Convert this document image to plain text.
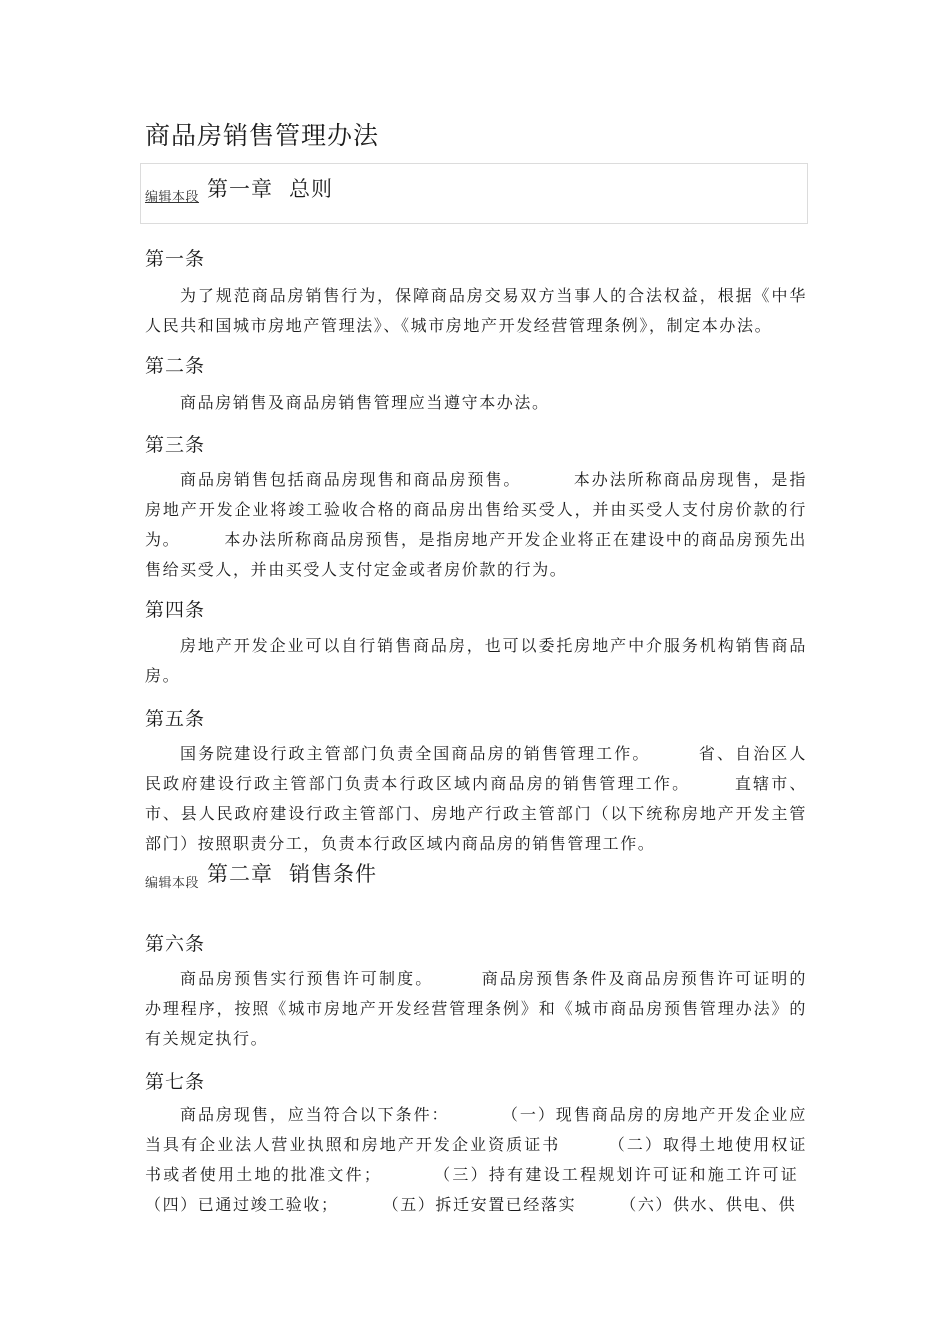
商品房销售管理办法
编辑本段 第一章 总则
第一条

为了规范商品房销售行为，保障商品房交易双方当事人的合法权益，根据《中华人民共和国城市房地产管理法》、《城市房地产开发经营管理条例》，制定本办法。

第二条

商品房销售及商品房销售管理应当遵守本办法。

第三条

商品房销售包括商品房现售和商品房预售。	本办法所称商品房现售，是指房地产开发企业将竣工验收合格的商品房出售给买受人，并由买受人支付房价款的行为。	本办法所称商品房预售，是指房地产开发企业将正在建设中的商品房预先出售给买受人，并由买受人支付定金或者房价款的行为。

第四条

房地产开发企业可以自行销售商品房，也可以委托房地产中介服务机构销售商品房。

第五条

国务院建设行政主管部门负责全国商品房的销售管理工作。	省、自治区人民政府建设行政主管部门负责本行政区域内商品房的销售管理工作。	直辖市、市、县人民政府建设行政主管部门、房地产行政主管部门（以下统称房地产开发主管部门）按照职责分工，负责本行政区域内商品房的销售管理工作。

编辑本段 第二章 销售条件
第六条

商品房预售实行预售许可制度。	商品房预售条件及商品房预售许可证明的办理程序，按照《城市房地产开发经营管理条例》和《城市商品房预售管理办法》的有关规定执行。

第七条

商品房现售，应当符合以下条件：	（一）现售商品房的房地产开发企业应当具有企业法人营业执照和房地产开发企业资质证书	（二）取得土地使用权证书或者使用土地的批准文件；	（三）持有建设工程规划许可证和施工许可证（四）已通过竣工验收；	（五）拆迁安置已经落实	（六）供水、供电、供
